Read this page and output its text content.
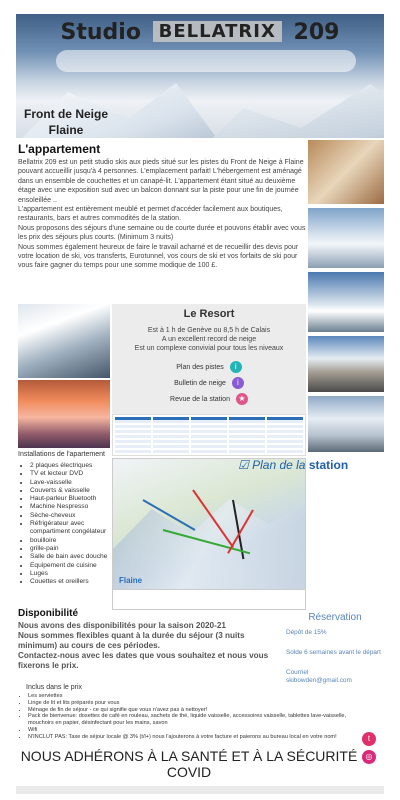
Studio BELLATRIX 209
Front de Neige
Flaine
L'appartement

Bellatrix 209 est un petit studio skis aux pieds situé sur les pistes du Front de Neige à Flaine pouvant accueillir jusqu'à 4 personnes. L'emplacement parfait! L'hébergement est aménagé dans un ensemble de couchettes et un canapé-lit. L'appartement étant situé au deuxième étage avec une exposition sud avec un balcon donnant sur la piste pour une fin de journée ensoleillée ..

L'appartement est entièrement meublé et permet d'accéder facilement aux boutiques, restaurants, bars et autres commodités de la station.

Nous proposons des séjours d'une semaine ou de courte durée et pouvons établir avec vous les prix des séjours plus courts. (Minimum 3 nuits)

Nous sommes également heureux de faire le travail acharné et de recueillir des devis pour votre location de ski, vos transferts, Eurotunnel, vos cours de ski et vos forfaits de ski pour vous faire gagner du temps pour une somme modique de 100 £.

Le Resort
Est à 1 h de Genève ou 8,5 h de Calais
A un excellent record de neige
Est un complexe convivial pour tous les niveaux
Plan des pistes	i
Bulletin de neige	i
Revue de la station	★
Installations de l'apartement
• 2 plaques électriques
• TV et lecteur DVD
• Lave-vaisselle
• Couverts & vaisselle
• Haut-parleur Bluetooth
• Machine Nespresso
• Sèche-cheveux
• Réfrigérateur avec compartiment congélateur
• bouilloire
• grille-pain
• Salle de bain avec douche
• Equipement de cuisine
• Luges
• Couettes et oreillers	Flaine
☑ Plan de la station
Disponibilité

Nous avons des disponibilités pour la saison 2020-21

Nous sommes flexibles quant à la durée du séjour (3 nuits minimum) au cours de ces périodes.

Contactez-nous avec les dates que vous souhaitez et nous vous fixerons le prix.

Réservation

Dépôt de 15%

Solde 6 semaines avant le départ

Courriel
skibowden@gmail.com

Inclus dans le prix
• Les serviettes
• Linge de lit et lits préparés pour vous
• Ménage de fin de séjour - ce qui signifie que vous n'avez pas à nettoyer!
• Pack de bienvenue: dosettes de café en rouleau, sachets de thé, liquide vaisselle, accessoires vaisselle, tablettes lave-vaisselle, mouchoirs en papier, désinfectant pour les mains, savon
• Wifi
• N'INCLUT PAS: Taxe de séjour locale @ 3% (t/l+) nous l'ajouterons à votre facture et paierons au bureau local en votre nom!	t
◎
NOUS ADHÉRONS À LA SANTÉ ET À LA SÉCURITÉ COVID
